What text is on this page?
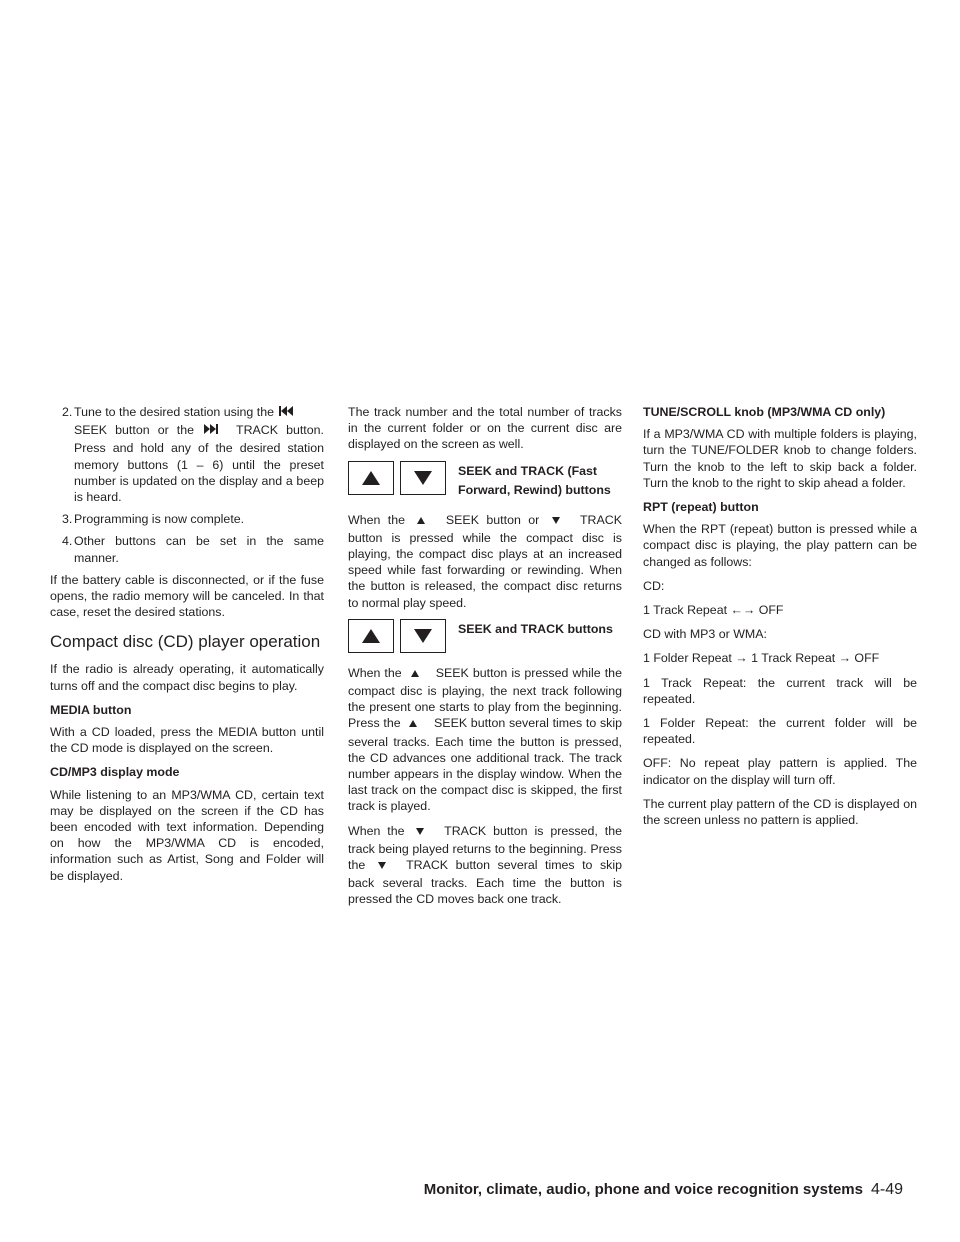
2. Tune to the desired station using the
SEEK button or the	TRACK button. Press and hold any of the desired station memory buttons (1 – 6) until the preset number is updated on the display and a beep is heard.
3. Programming is now complete.
4. Other buttons can be set in the same manner.

If the battery cable is disconnected, or if the fuse opens, the radio memory will be canceled. In that case, reset the desired stations.

Compact disc (CD) player operation

If the radio is already operating, it automatically turns off and the compact disc begins to play.

MEDIA button

With a CD loaded, press the MEDIA button until the CD mode is displayed on the screen.

CD/MP3 display mode

While listening to an MP3/WMA CD, certain text may be displayed on the screen if the CD has been encoded with text information. Depending on how the MP3/WMA CD is encoded, information such as Artist, Song and Folder will be displayed.

The track number and the total number of tracks in the current folder or on the current disc are displayed on the screen as well.

SEEK and TRACK (Fast
Forward, Rewind) buttons

When the	SEEK button or	TRACK button is pressed while the compact disc is playing, the compact disc plays at an increased speed while fast forwarding or rewinding. When the button is released, the compact disc returns to normal play speed.

SEEK and TRACK buttons

When the	SEEK button is pressed while the compact disc is playing, the next track following the present one starts to play from the beginning. Press the	SEEK button several times to skip several tracks. Each time the button is pressed, the CD advances one additional track. The track number appears in the display window. When the last track on the compact disc is skipped, the first track is played.

When the	TRACK button is pressed, the track being played returns to the beginning. Press the	TRACK button several times to skip back several tracks. Each time the button is pressed the CD moves back one track.

TUNE/SCROLL knob (MP3/WMA CD only)

If a MP3/WMA CD with multiple folders is playing, turn the TUNE/FOLDER knob to change folders. Turn the knob to the left to skip back a folder. Turn the knob to the right to skip ahead a folder.

RPT (repeat) button

When the RPT (repeat) button is pressed while a compact disc is playing, the play pattern can be changed as follows:

CD:

1 Track Repeat ←→ OFF

CD with MP3 or WMA:

1 Folder Repeat → 1 Track Repeat → OFF

1 Track Repeat: the current track will be repeated.

1 Folder Repeat: the current folder will be repeated.

OFF: No repeat play pattern is applied. The indicator on the display will turn off.

The current play pattern of the CD is displayed on the screen unless no pattern is applied.

Monitor, climate, audio, phone and voice recognition systems 4-49
